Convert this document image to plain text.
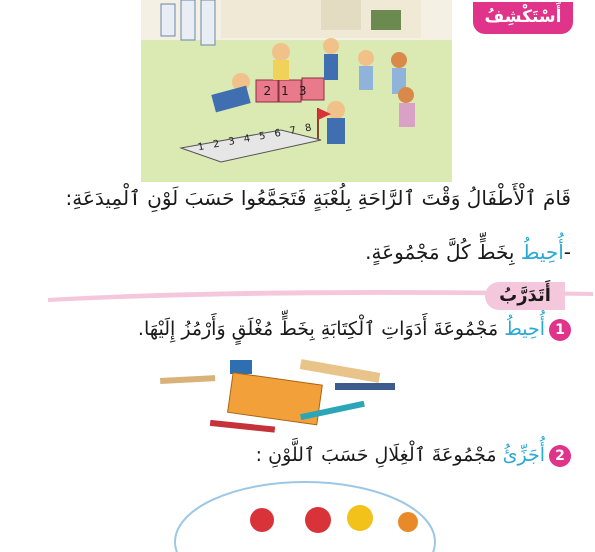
213
1 2 3 4 5 6 7 8
أَسْتَكْشِفُ
قَامَ ٱلْأَطْفَالُ وَقْتَ ٱلرَّاحَةِ بِلُعْبَةٍ فَتَجَمَّعُوا حَسَبَ لَوْنِ ٱلْمِيدَعَةِ:
-أُحِيطُ بِخَطٍّ كُلَّ مَجْمُوعَةٍ.
أَتَدَرَّبُ
1أُحِيطُ مَجْمُوعَةَ أَدَوَاتِ ٱلْكِتَابَةِ بِخَطٍّ مُغْلَقٍ وَأَرْمُزُ إِلَيْهَا.
2أُجَزِّئُ مَجْمُوعَةَ ٱلْغِلَالِ حَسَبَ ٱللَّوْنِ :
